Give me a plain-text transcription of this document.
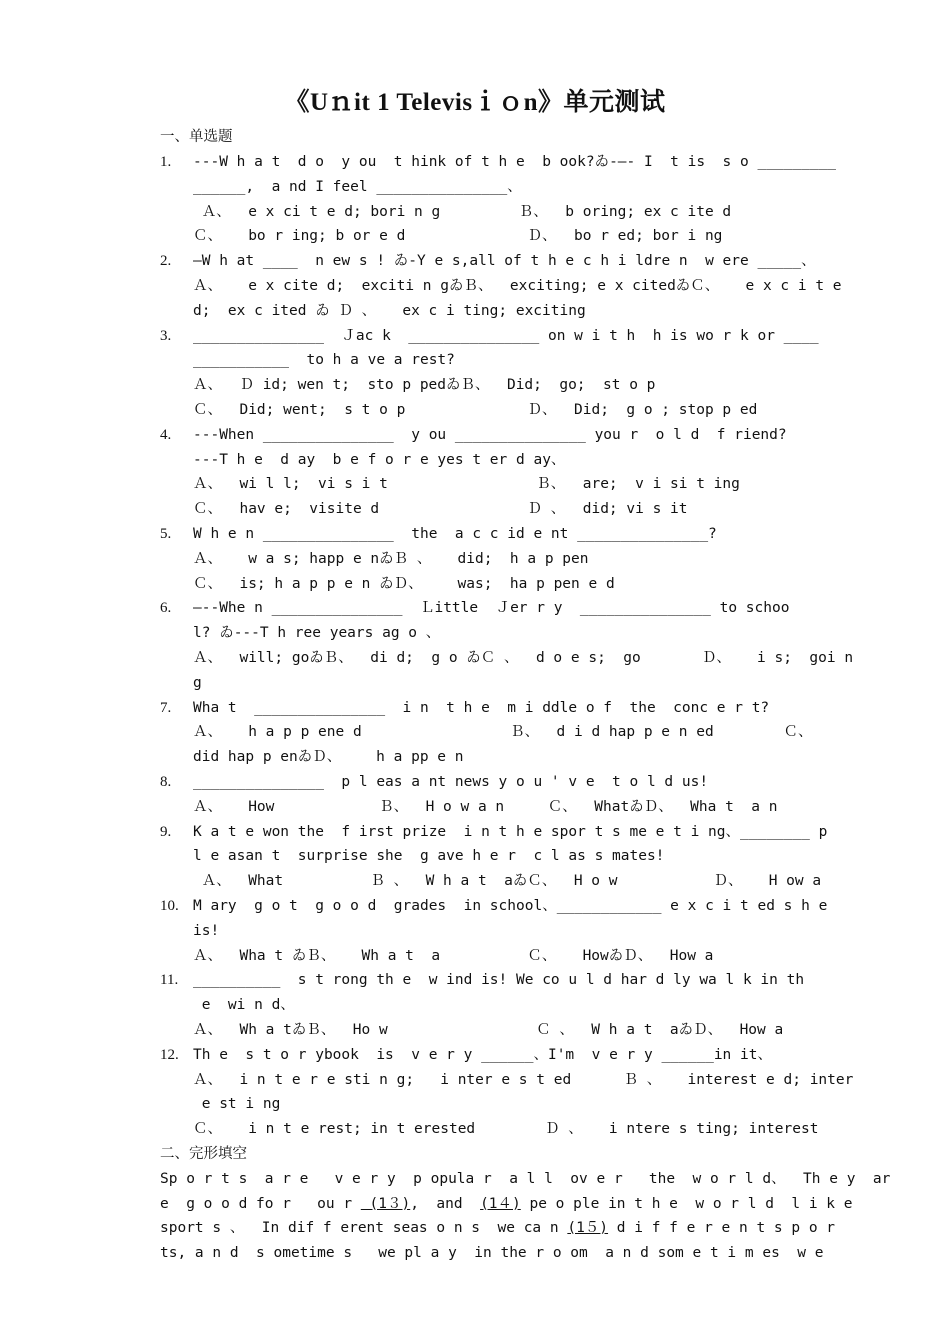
《Uｎit 1 Televisｉｏn》单元测试
一、单选题
1.	---W h a t  d o  y ou  t hink of t h e  b ook?ゐ-—- I  t is  s o _________
______,  a nd I feel _______________、
Ａ、  e x ci t e d; bori n g         Ｂ、  b oring; ex c ite d
Ｃ、   bo r ing; b or e d              Ｄ、  bo r ed; bor i ng
2.	—W h at ____  n ew s ! ゐ-Y e s,all of t h e c h i ldre n  w ere _____、
Ａ、   e x cite d;  exciti n gゐＢ、  exciting; e x citedゐＣ、   e x c i t e
d;  ex c ited ゐ Ｄ 、   ex c i ting; exciting
3.	_______________  Ｊac k  _______________ on w i t h  h is wo r k or ____
___________  to h a ve a rest?
Ａ、  Ｄ id; wen t;  sto p pedゐＢ、  Did;  go;  st o p
Ｃ、  Did; went;  s t o p              Ｄ、  Did;  g o ; stop p ed
4.	---When _______________  y ou _______________ you r  o l d  f riend?
---T h e  d ay  b e f o r e yes t er d ay、
Ａ、  wi l l;  vi s i t                 Ｂ、  are;  v i si t ing
Ｃ、  hav e;  visite d                 Ｄ 、  did; vi s it
5.	W h e n _______________  the  a c c id e nt _______________?
Ａ、   w a s; happ e nゐＢ 、   did;  h a p pen
Ｃ、  is; h a p p e n ゐＤ、    was;  ha p pen e d
6.	—--Whe n _______________  Ｌittle  Ｊer r y  _______________ to schoo
l? ゐ---T h ree years ag o 、
Ａ、  will; goゐＢ、  di d;  g o ゐＣ 、  d o e s;  go       Ｄ、   i s;  goi n
g
7.	Wha t  _______________  i n  t h e  m i ddle o f  the  conc e r t?
Ａ、   h a p p ene d                 Ｂ、  d i d hap p e n ed        Ｃ、
did hap p enゐＤ、    h a pp e n
8.	_______________  p l eas a nt news y o u ' v e  t o l d us!
Ａ、   How            Ｂ、  H o w a n     Ｃ、  WhatゐＤ、  Wha t  a n
9.	K a t e won the  f irst prize  i n t h e spor t s me e t i ng、________ p
l e asan t  surprise she  g ave h e r  c l as s mates!
Ａ、  What          Ｂ 、  W h a t  aゐＣ、  H o w           Ｄ、   H ow a
10. M ary  g o t  g o o d  grades  in school、____________ e x c i t ed s h e
is!
Ａ、  Wha t ゐＢ、   Wh a t  a          Ｃ、   HowゐＤ、  How a
11.	__________  s t rong th e  w ind is! We co u l d har d ly wa l k in th
e  wi n d、
Ａ、  Wh a tゐＢ、  Ho w                 Ｃ 、  W h a t  aゐＤ、  How a
12. Th e  s t o r ybook  is  v e r y ______、I'm  v e r y ______in it、
Ａ、  i n t e r e sti n g;   i nter e s t ed      Ｂ 、   interest e d; inter
e st i ng
Ｃ、   i n t e rest; in t erested        Ｄ 、   i ntere s ting; interest
二、完形填空
Sp o r t s  a r e   v e r y  p opula r  a l l  ov e r   the  w o r l d、  Th e y  ar
e  g o o d fo r   ou r  (1３),  and  (1４) pe o ple in t h e  w o r l d  l i k e
sport s 、  In dif f erent seas o n s  we ca n (1５) d i f f e r e n t s p o r
ts, a n d  s ometime s   we pl a y  in the r o om  a n d som e t i m es  w e
